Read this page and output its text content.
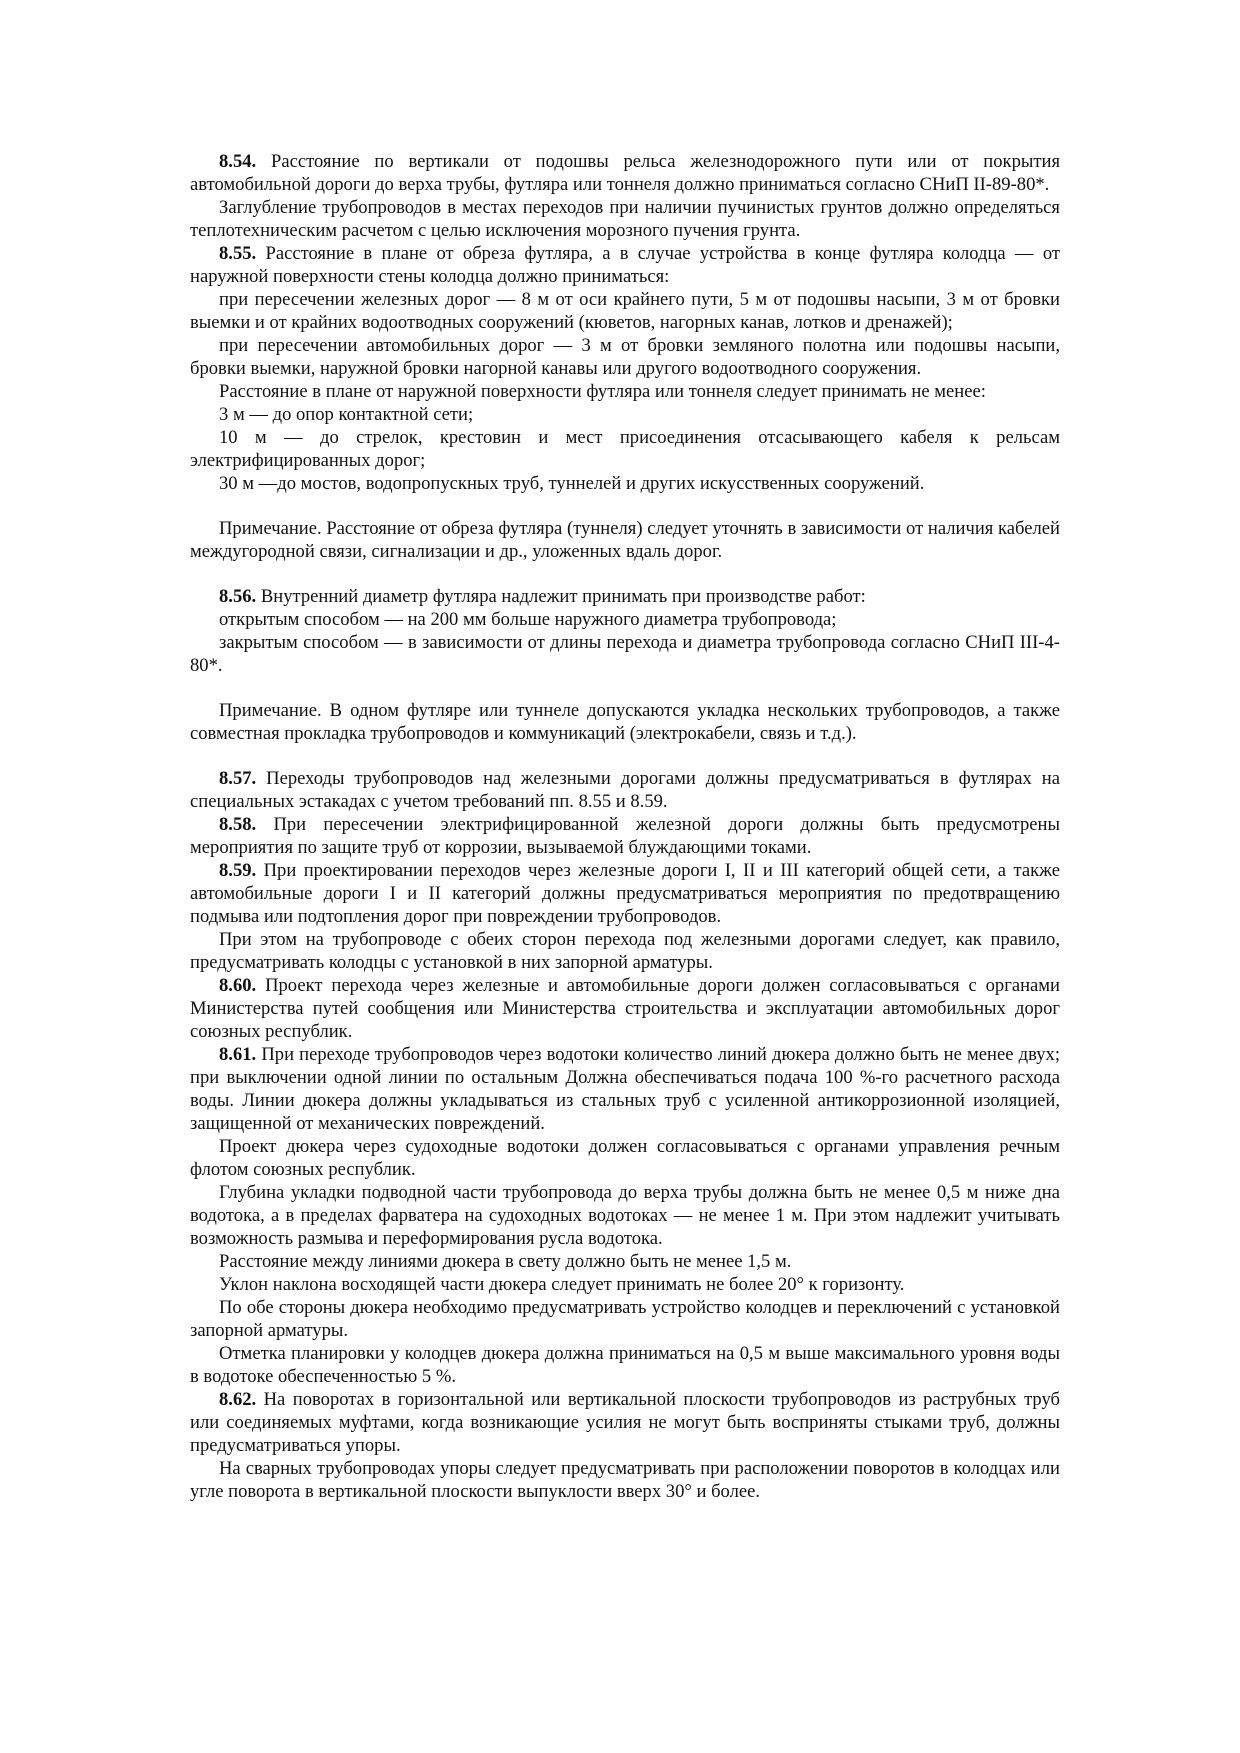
8.54. Расстояние по вертикали от подошвы рельса железнодорожного пути или от покрытия автомобильной дороги до верха трубы, футляра или тоннеля должно приниматься согласно СНиП II-89-80*.

Заглубление трубопроводов в местах переходов при наличии пучинистых грунтов должно определяться теплотехническим расчетом с целью исключения морозного пучения грунта.

8.55. Расстояние в плане от обреза футляра, а в случае устройства в конце футляра колодца — от наружной поверхности стены колодца должно приниматься:

при пересечении железных дорог — 8 м от оси крайнего пути, 5 м от подошвы насыпи, 3 м от бровки выемки и от крайних водоотводных сооружений (кюветов, нагорных канав, лотков и дренажей);

при пересечении автомобильных дорог — 3 м от бровки земляного полотна или подошвы насыпи, бровки выемки, наружной бровки нагорной канавы или другого водоотводного сооружения.

Расстояние в плане от наружной поверхности футляра или тоннеля следует принимать не менее:

3 м — до опор контактной сети;

10 м — до стрелок, крестовин и мест присоединения отсасывающего кабеля к рельсам электрифицированных дорог;

30 м —до мостов, водопропускных труб, туннелей и других искусственных сооружений.

Примечание. Расстояние от обреза футляра (туннеля) следует уточнять в зависимости от наличия кабелей междугородной связи, сигнализации и др., уложенных вдаль дорог.

8.56. Внутренний диаметр футляра надлежит принимать при производстве работ:

открытым способом — на 200 мм больше наружного диаметра трубопровода;

закрытым способом — в зависимости от длины перехода и диаметра трубопровода согласно СНиП III-4-80*.

Примечание. В одном футляре или туннеле допускаются укладка нескольких трубопроводов, а также совместная прокладка трубопроводов и коммуникаций (электрокабели, связь и т.д.).

8.57. Переходы трубопроводов над железными дорогами должны предусматриваться в футлярах на специальных эстакадах с учетом требований пп. 8.55 и 8.59.

8.58. При пересечении электрифицированной железной дороги должны быть предусмотрены мероприятия по защите труб от коррозии, вызываемой блуждающими токами.

8.59. При проектировании переходов через железные дороги I, II и III категорий общей сети, а также автомобильные дороги I и II категорий должны предусматриваться мероприятия по предотвращению подмыва или подтопления дорог при повреждении трубопроводов.

При этом на трубопроводе с обеих сторон перехода под железными дорогами следует, как правило, предусматривать колодцы с установкой в них запорной арматуры.

8.60. Проект перехода через железные и автомобильные дороги должен согласовываться с органами Министерства путей сообщения или Министерства строительства и эксплуатации автомобильных дорог союзных республик.

8.61. При переходе трубопроводов через водотоки количество линий дюкера должно быть не менее двух; при выключении одной линии по остальным Должна обеспечиваться подача 100 %-го расчетного расхода воды. Линии дюкера должны укладываться из стальных труб с усиленной антикоррозионной изоляцией, защищенной от механических повреждений.

Проект дюкера через судоходные водотоки должен согласовываться с органами управления речным флотом союзных республик.

Глубина укладки подводной части трубопровода до верха трубы должна быть не менее 0,5 м ниже дна водотока, а в пределах фарватера на судоходных водотоках — не менее 1 м. При этом надлежит учитывать возможность размыва и переформирования русла водотока.

Расстояние между линиями дюкера в свету должно быть не менее 1,5 м.

Уклон наклона восходящей части дюкера следует принимать не более 20° к горизонту.

По обе стороны дюкера необходимо предусматривать устройство колодцев и переключений с установкой запорной арматуры.

Отметка планировки у колодцев дюкера должна приниматься на 0,5 м выше максимального уровня воды в водотоке обеспеченностью 5 %.

8.62. На поворотах в горизонтальной или вертикальной плоскости трубопроводов из раструбных труб или соединяемых муфтами, когда возникающие усилия не могут быть восприняты стыками труб, должны предусматриваться упоры.

На сварных трубопроводах упоры следует предусматривать при расположении поворотов в колодцах или угле поворота в вертикальной плоскости выпуклости вверх 30° и более.
